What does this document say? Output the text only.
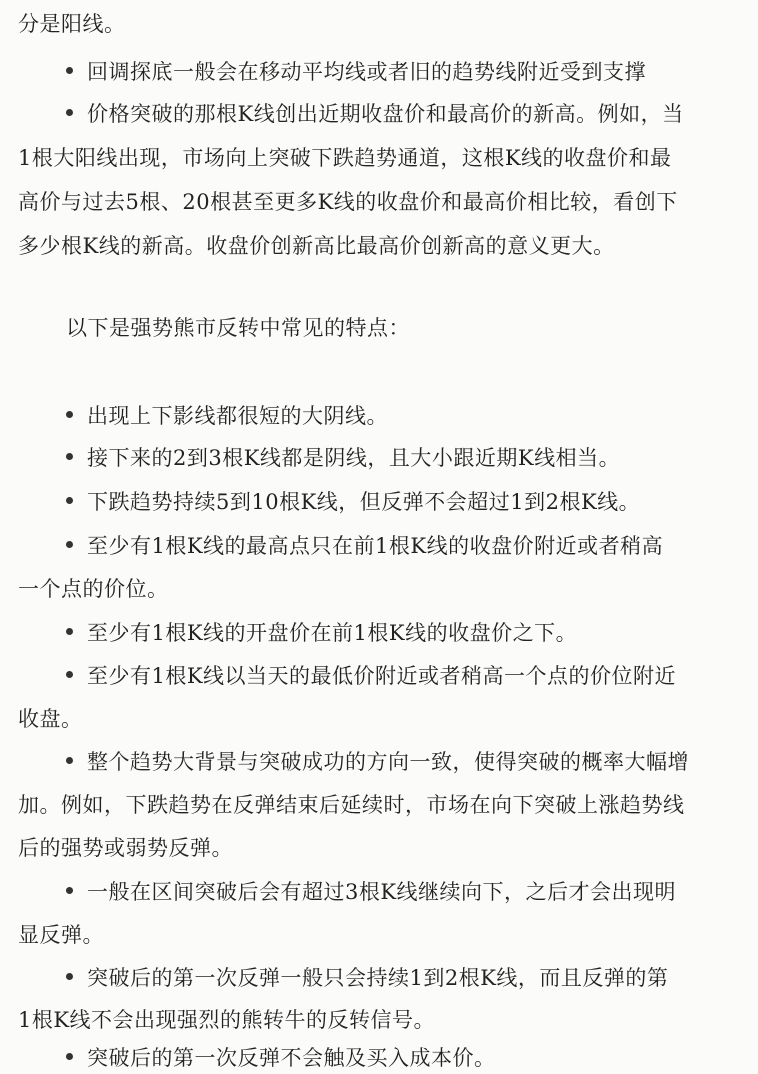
分是阳线。
回调探底一般会在移动平均线或者旧的趋势线附近受到支撑
价格突破的那根K线创出近期收盘价和最高价的新高。例如，当
1根大阳线出现，市场向上突破下跌趋势通道，这根K线的收盘价和最
高价与过去5根、20根甚至更多K线的收盘价和最高价相比较，看创下
多少根K线的新高。收盘价创新高比最高价创新高的意义更大。
以下是强势熊市反转中常见的特点：
出现上下影线都很短的大阴线。
接下来的2到3根K线都是阴线，且大小跟近期K线相当。
下跌趋势持续5到10根K线，但反弹不会超过1到2根K线。
至少有1根K线的最高点只在前1根K线的收盘价附近或者稍高
一个点的价位。
至少有1根K线的开盘价在前1根K线的收盘价之下。
至少有1根K线以当天的最低价附近或者稍高一个点的价位附近
收盘。
整个趋势大背景与突破成功的方向一致，使得突破的概率大幅增
加。例如，下跌趋势在反弹结束后延续时，市场在向下突破上涨趋势线
后的强势或弱势反弹。
一般在区间突破后会有超过3根K线继续向下，之后才会出现明
显反弹。
突破后的第一次反弹一般只会持续1到2根K线，而且反弹的第
1根K线不会出现强烈的熊转牛的反转信号。
突破后的第一次反弹不会触及买入成本价。
